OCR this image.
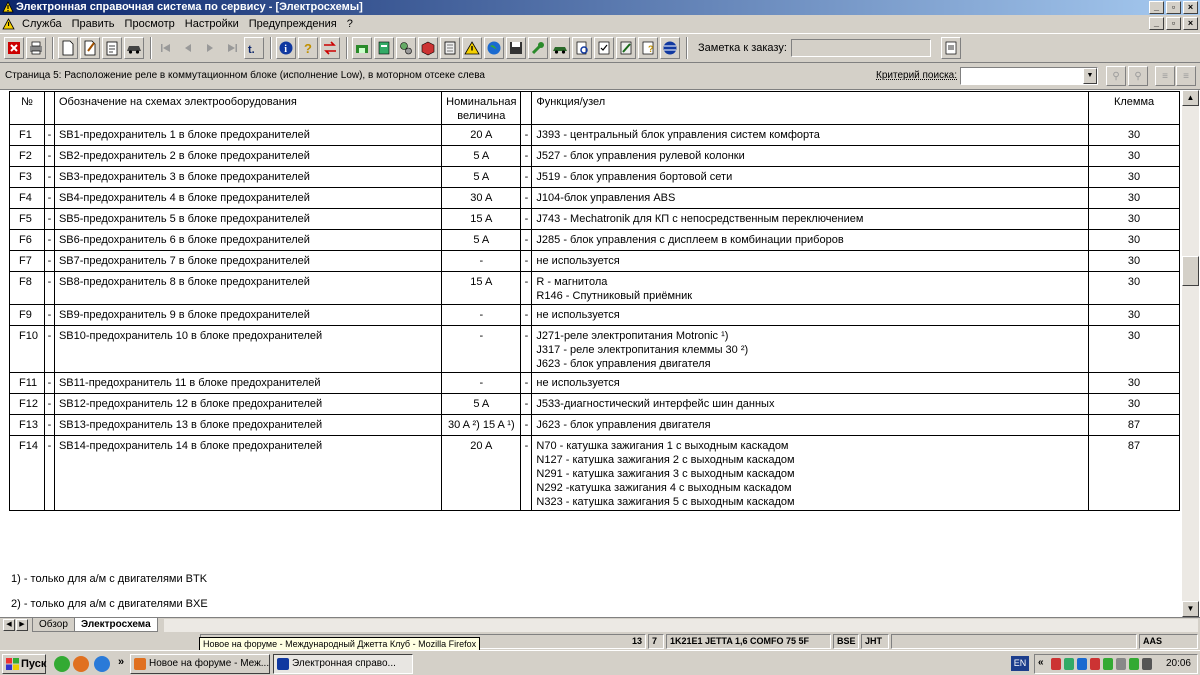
Электронная справочная система по сервису - [Электросхемы]	_	▫	×
Служба Править Просмотр Настройки Предупреждения ?	_	▫	×
t.	i ?	?	Заметка к заказу:
Страница 5: Расположение реле в коммутационном блоке (исполнение Low), в моторном отсеке слева	Критерий поиска:	▼	⚲ ⚲ ≡ ≡
№		Обозначение на схемах электрооборудования	Номинальная величина		Функция/узел	Клемма
F1	-	SB1-предохранитель 1 в блоке предохранителей	20 A	-	J393 - центральный блок управления систем комфорта	30
F2	-	SB2-предохранитель 2 в блоке предохранителей	5 A	-	J527 - блок управления рулевой колонки	30
F3	-	SB3-предохранитель 3 в блоке предохранителей	5 A	-	J519 - блок управления бортовой сети	30
F4	-	SB4-предохранитель 4 в блоке предохранителей	30 A	-	J104-блок управления ABS	30
F5	-	SB5-предохранитель 5 в блоке предохранителей	15 A	-	J743 - Mechatronik для КП с непосредственным переключением	30
F6	-	SB6-предохранитель 6 в блоке предохранителей	5 A	-	J285 - блок управления с дисплеем в комбинации приборов	30
F7	-	SB7-предохранитель 7 в блоке предохранителей	-	-	не используется	30
F8	-	SB8-предохранитель 8 в блоке предохранителей	15 A	-	R - магнитола
R146 - Спутниковый приёмник	30
F9	-	SB9-предохранитель 9 в блоке предохранителей	-	-	не используется	30
F10	-	SB10-предохранитель 10 в блоке предохранителей	-	-	J271-реле электропитания Motronic ¹)
J317 - реле электропитания клеммы 30 ²)
J623 - блок управления двигателя	30
F11	-	SB11-предохранитель 11 в блоке предохранителей	-	-	не используется	30
F12	-	SB12-предохранитель 12 в блоке предохранителей	5 A	-	J533-диагностический интерфейс шин данных	30
F13	-	SB13-предохранитель 13 в блоке предохранителей	30 A ²) 15 A ¹)	-	J623 - блок управления двигателя	87
F14	-	SB14-предохранитель 14 в блоке предохранителей	20 A	-	N70 - катушка зажигания 1 с выходным каскадом
N127 - катушка зажигания 2 с выходным каскадом
N291 - катушка зажигания 3 с выходным каскадом
N292 -катушка зажигания 4 с выходным каскадом
N323 - катушка зажигания 5 с выходным каскадом	87
1) - только для а/м с двигателями BTK
2) - только для а/м с двигателями BXE
▲
▼
◀	▶	Обзор	Электросхема
13	7	1K21E1 JETTA 1,6 COMFO 75 5F	BSE	JHT	AAS
Новое на форуме - Международный Джетта Клуб - Mozilla Firefox
Пуск	»	Новое на форуме - Меж...	Электронная справо...	EN «	20:06
